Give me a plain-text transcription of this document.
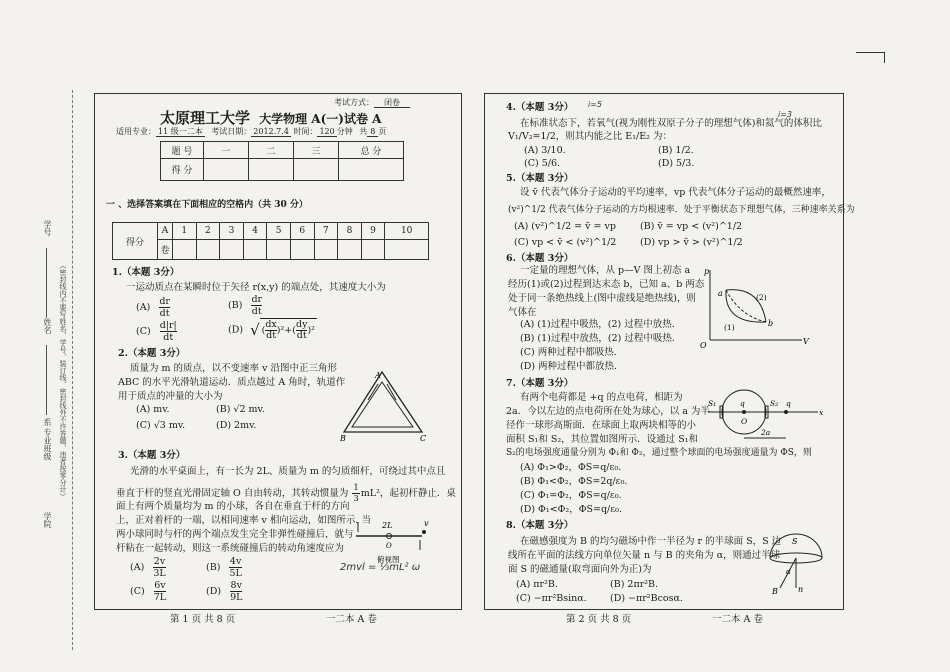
学号
姓名
系 专业班级
学院
（密封线内不要写姓名、学号，装订线、密封线外不许答题，违者按零分计）
考试方式： 闭卷
太原理工大学 大学物理 A(一)试卷 A
适用专业： 11 级一二本 考试日期： 2012.7.4 时间： 120 分钟 共 8 页
题 号	一	二	三	总 分
得 分				
一 、选择答案填在下面相应的空格内（共 30 分）
得分	A	1	2	3	4	5	6	7	8	9	10
	卷										
1.（本题 3分）
一运动质点在某瞬时位于矢径 r(x,y) 的端点处，其速度大小为
$(A) \frac{dr}{dt}$	$(B) \frac{dr}{dt}$
$(C) \frac{d|r|}{dt}$	(D) √( $\frac{dx}{dt} )^2+( \frac{dy}{dt} )^2$
2.（本题 3分）
质量为 m 的质点，以不变速率 v 沿图中正三角形
ABC 的水平光滑轨道运动．质点越过 A 角时，轨道作
用于质点的冲量的大小为
(A) mv.	(B) √2 mv.
(C) √3 mv.	(D) 2mv.
A
B	C
3.（本题 3分）
光滑的水平桌面上，有一长为 2L、质量为 m 的匀质细杆，可绕过其中点且
垂直于杆的竖直光滑固定轴 O 自由转动，其转动惯量为 $\frac{1}{3} mL^2$，起初杆静止．桌
面上有两个质量均为 m 的小球，各自在垂直于杆的方向
上，正对着杆的一端，以相同速率 v 相向运动，如图所示. 当
两小球同时与杆的两个端点发生完全非弹性碰撞后，就与
杆粘在一起转动，则这一系统碰撞后的转动角速度应为
$(A) \frac{2v}{3L}$	$(B) \frac{4v}{5L}$
$(C) \frac{6v}{7L}$	$(D) \frac{8v}{9L}$
2L
O
v
俯视图
2mvl = ⅓mL² ω
第 1 页 共 8 页	一二本 A 卷
4.（本题 3分） i=5
i=3
在标准状态下，若氧气(视为刚性双原子分子的理想气体)和氦气的体积比
V₁/V₂=1/2，则其内能之比 E₁/E₂ 为：
(A) 3/10.	(B) 1/2.
(C) 5/6.	(D) 5/3.
5.（本题 3分）
设 v̄ 代表气体分子运动的平均速率，vp 代表气体分子运动的最概然速率，
(v²)^1/2 代表气体分子运动的方均根速率．处于平衡状态下理想气体，三种速率关系为
(A) (v²)^1/2 = v̄ = vp	(B) v̄ = vp < (v²)^1/2
(C) vp < v̄ < (v²)^1/2 (D) vp > v̄ > (v²)^1/2
6.（本题 3分）
一定量的理想气体，从 p—V 图上初态 a
经历(1)或(2)过程到达末态 b，已知 a、b 两态
处于同一条绝热线上(图中虚线是绝热线)，则
气体在
(A) (1)过程中吸热，(2) 过程中放热.
(B) (1)过程中放热，(2) 过程中吸热.
(C) 两种过程中都吸热.
(D) 两种过程中都放热.
p
V
O
a
b
(1)
(2)
7.（本题 3分）
有两个电荷都是 +q 的点电荷，相距为
2a．今以左边的点电荷所在处为球心，以 a 为半
径作一球形高斯面．在球面上取两块相等的小
面积 S₁和 S₂，其位置如图所示．设通过 S₁和
S₂的电场强度通量分别为 Φ₁和 Φ₂，通过整个球面的电场强度通量为 ΦS，则
(A) Φ₁>Φ₂，ΦS=q/ε₀.
(B) Φ₁<Φ₂，ΦS=2q/ε₀.
(C) Φ₁=Φ₂，ΦS=q/ε₀.
(D) Φ₁<Φ₂，ΦS=q/ε₀.
S₁	S₂
q	q
O
2a
x
8.（本题 3分）
在磁感强度为 B 的均匀磁场中作一半径为 r 的半球面 S，S 边
线所在平面的法线方向单位矢量 n 与 B 的夹角为 α，则通过半球
面 S 的磁通量(取弯面向外为正)为
(A) πr²B.	(B) 2πr²B.
(C) −πr²Bsinα. (D) −πr²Bcosα.
S
n
B
α
第 2 页 共 8 页	一二本 A 卷
